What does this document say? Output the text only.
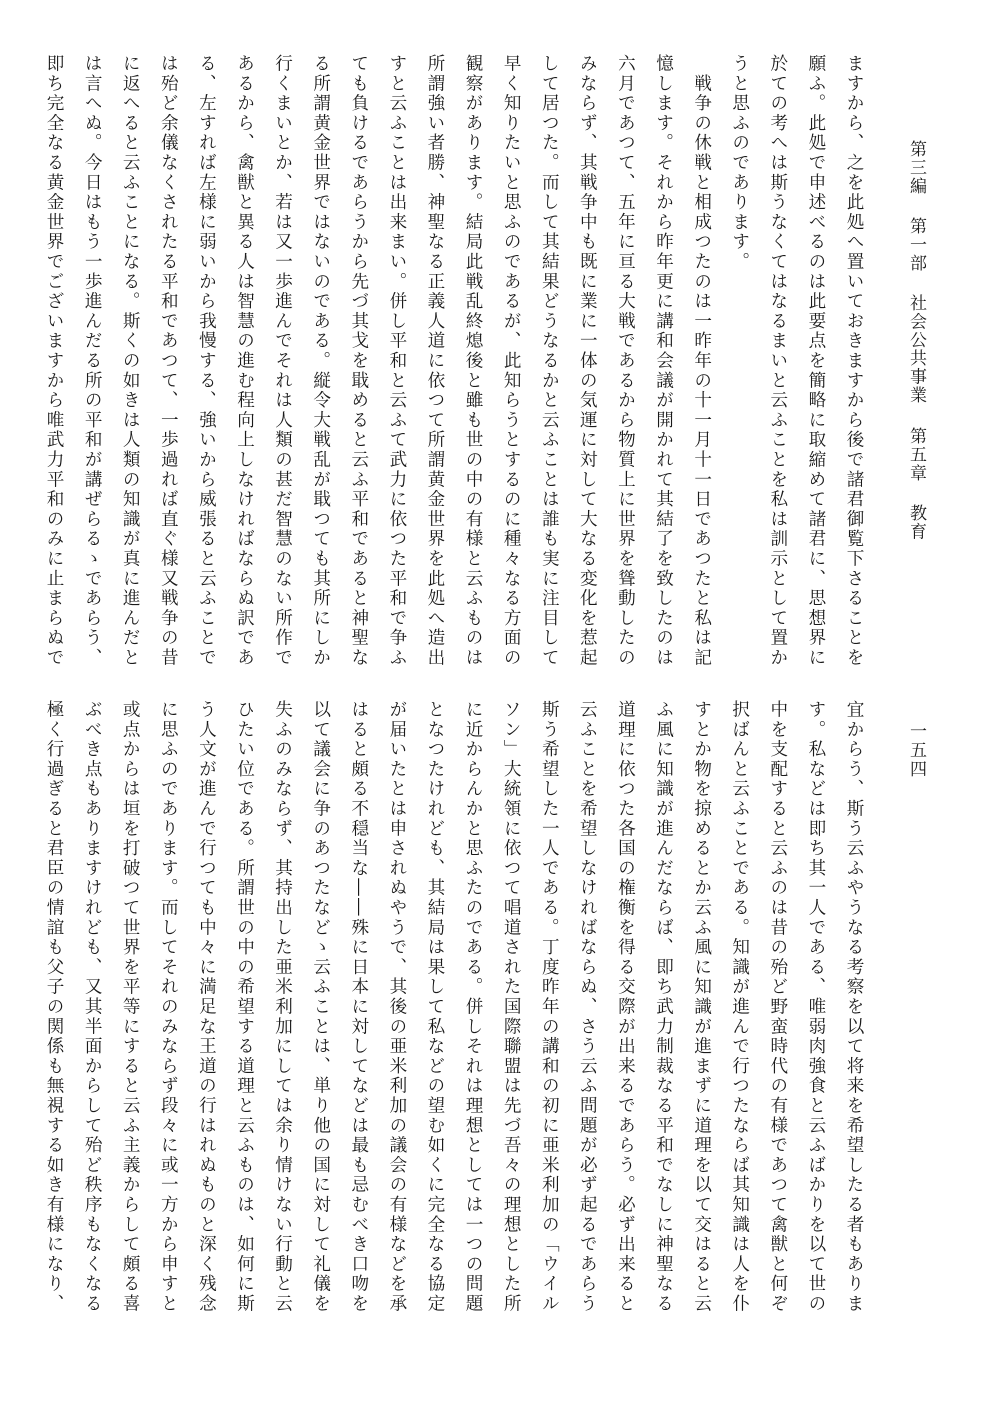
第三編第一部社会公共事業第五章教育
一五四
ますから、之を此処へ置いておきますから後で諸君御覧下さることを
願ふ。此処で申述べるのは此要点を簡略に取縮めて諸君に、思想界に
於ての考へは斯うなくてはなるまいと云ふことを私は訓示として置か
うと思ふのであります。
　戦争の休戦と相成つたのは一昨年の十一月十一日であつたと私は記
憶します。それから昨年更に講和会議が開かれて其結了を致したのは
六月であつて、五年に亘る大戦であるから物質上に世界を聳動したの
みならず、其戦争中も既に業に一体の気運に対して大なる変化を惹起
して居つた。而して其結果どうなるかと云ふことは誰も実に注目して
早く知りたいと思ふのであるが、此知らうとするのに種々なる方面の
観察があります。結局此戦乱終熄後と雖も世の中の有様と云ふものは
所謂強い者勝、神聖なる正義人道に依つて所謂黄金世界を此処へ造出
すと云ふことは出来まい。併し平和と云ふて武力に依つた平和で争ふ
ても負けるであらうから先づ其戈を戢めると云ふ平和であると神聖な
る所謂黄金世界ではないのである。縦令大戦乱が戢つても其所にしか
行くまいとか、若は又一歩進んでそれは人類の甚だ智慧のない所作で
あるから、禽獣と異る人は智慧の進む程向上しなければならぬ訳であ
る、左すれば左様に弱いから我慢する、強いから威張ると云ふことで
は殆ど余儀なくされたる平和であつて、一歩過れば直ぐ様又戦争の昔
に返へると云ふことになる。斯くの如きは人類の知識が真に進んだと
は言へぬ。今日はもう一歩進んだる所の平和が講ぜらるゝであらう、
即ち完全なる黄金世界でございますから唯武力平和のみに止まらぬで
宜からう、斯う云ふやうなる考察を以て将来を希望したる者もありま
す。私などは即ち其一人である、唯弱肉強食と云ふばかりを以て世の
中を支配すると云ふのは昔の殆ど野蛮時代の有様であつて禽獣と何ぞ
択ばんと云ふことである。知識が進んで行つたならば其知識は人を仆
すとか物を掠めるとか云ふ風に知識が進まずに道理を以て交はると云
ふ風に知識が進んだならば、即ち武力制裁なる平和でなしに神聖なる
道理に依つた各国の権衡を得る交際が出来るであらう。必ず出来ると
云ふことを希望しなければならぬ、さう云ふ問題が必ず起るであらう
斯う希望した一人である。丁度昨年の講和の初に亜米利加の「ウイル
ソン」大統領に依つて唱道された国際聯盟は先づ吾々の理想とした所
に近からんかと思ふたのである。併しそれは理想としては一つの問題
となつたけれども、其結局は果して私などの望む如くに完全なる協定
が届いたとは申されぬやうで、其後の亜米利加の議会の有様などを承
はると頗る不穏当な――殊に日本に対してなどは最も忌むべき口吻を
以て議会に争のあつたなどゝ云ふことは、単り他の国に対して礼儀を
失ふのみならず、其持出した亜米利加にしては余り情けない行動と云
ひたい位である。所謂世の中の希望する道理と云ふものは、如何に斯
う人文が進んで行つても中々に満足な王道の行はれぬものと深く残念
に思ふのであります。而してそれのみならず段々に或一方から申すと
或点からは垣を打破つて世界を平等にすると云ふ主義からして頗る喜
ぶべき点もありますけれども、又其半面からして殆ど秩序もなくなる
極く行過ぎると君臣の情誼も父子の関係も無視する如き有様になり、
